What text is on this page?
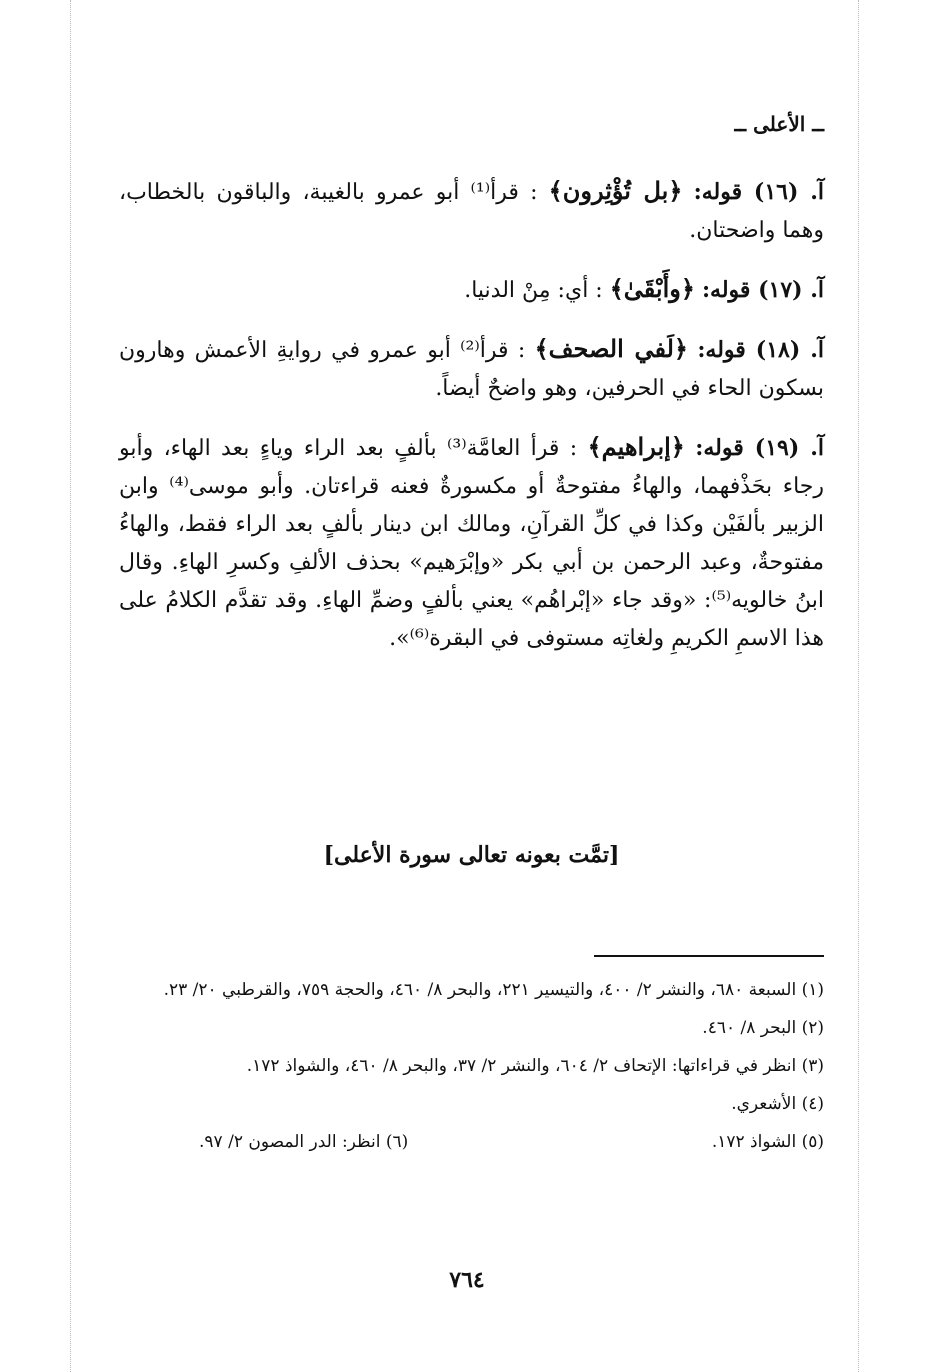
ــ الأعلى ــ

آ. (١٦) قوله: ﴿بل تُؤْثِرون﴾ : قرأ⁽¹⁾ أبو عمرو بالغيبة، والباقون بالخطاب، وهما واضحتان.

آ. (١٧) قوله: ﴿وأَبْقَىٰ﴾ : أي: مِنْ الدنيا.

آ. (١٨) قوله: ﴿لَفي الصحف﴾ : قرأ⁽²⁾ أبو عمرو في روايةِ الأعمش وهارون بسكون الحاء في الحرفين، وهو واضحٌ أيضاً.

آ. (١٩) قوله: ﴿إبراهيم﴾ : قرأ العامَّة⁽³⁾ بألفٍ بعد الراء وياءٍ بعد الهاء، وأبو رجاء بحَذْفهما، والهاءُ مفتوحةٌ أو مكسورةٌ فعنه قراءتان. وأبو موسى⁽⁴⁾ وابن الزبير بألفَيْن وكذا في كلِّ القرآنِ، ومالك ابن دينار بألفٍ بعد الراء فقط، والهاءُ مفتوحةٌ، وعبد الرحمن بن أبي بكر «وإبْرَهيم» بحذف الألفِ وكسرِ الهاءِ. وقال ابنُ خالويه⁽⁵⁾: «وقد جاء «إبْراهُم» يعني بألفٍ وضمِّ الهاءِ. وقد تقدَّم الكلامُ على هذا الاسمِ الكريمِ ولغاتِه مستوفى في البقرة⁽⁶⁾».

[تمَّت بعونه تعالى سورة الأعلى]

(١) السبعة ٦٨٠، والنشر ٢/ ٤٠٠، والتيسير ٢٢١، والبحر ٨/ ٤٦٠، والحجة ٧٥٩، والقرطبي ٢٠/ ٢٣.

(٢) البحر ٨/ ٤٦٠.

(٣) انظر في قراءاتها: الإتحاف ٢/ ٦٠٤، والنشر ٢/ ٣٧، والبحر ٨/ ٤٦٠، والشواذ ١٧٢.

(٤) الأشعري.

(٥) الشواذ ١٧٢.
(٦) انظر: الدر المصون ٢/ ٩٧.
٧٦٤
